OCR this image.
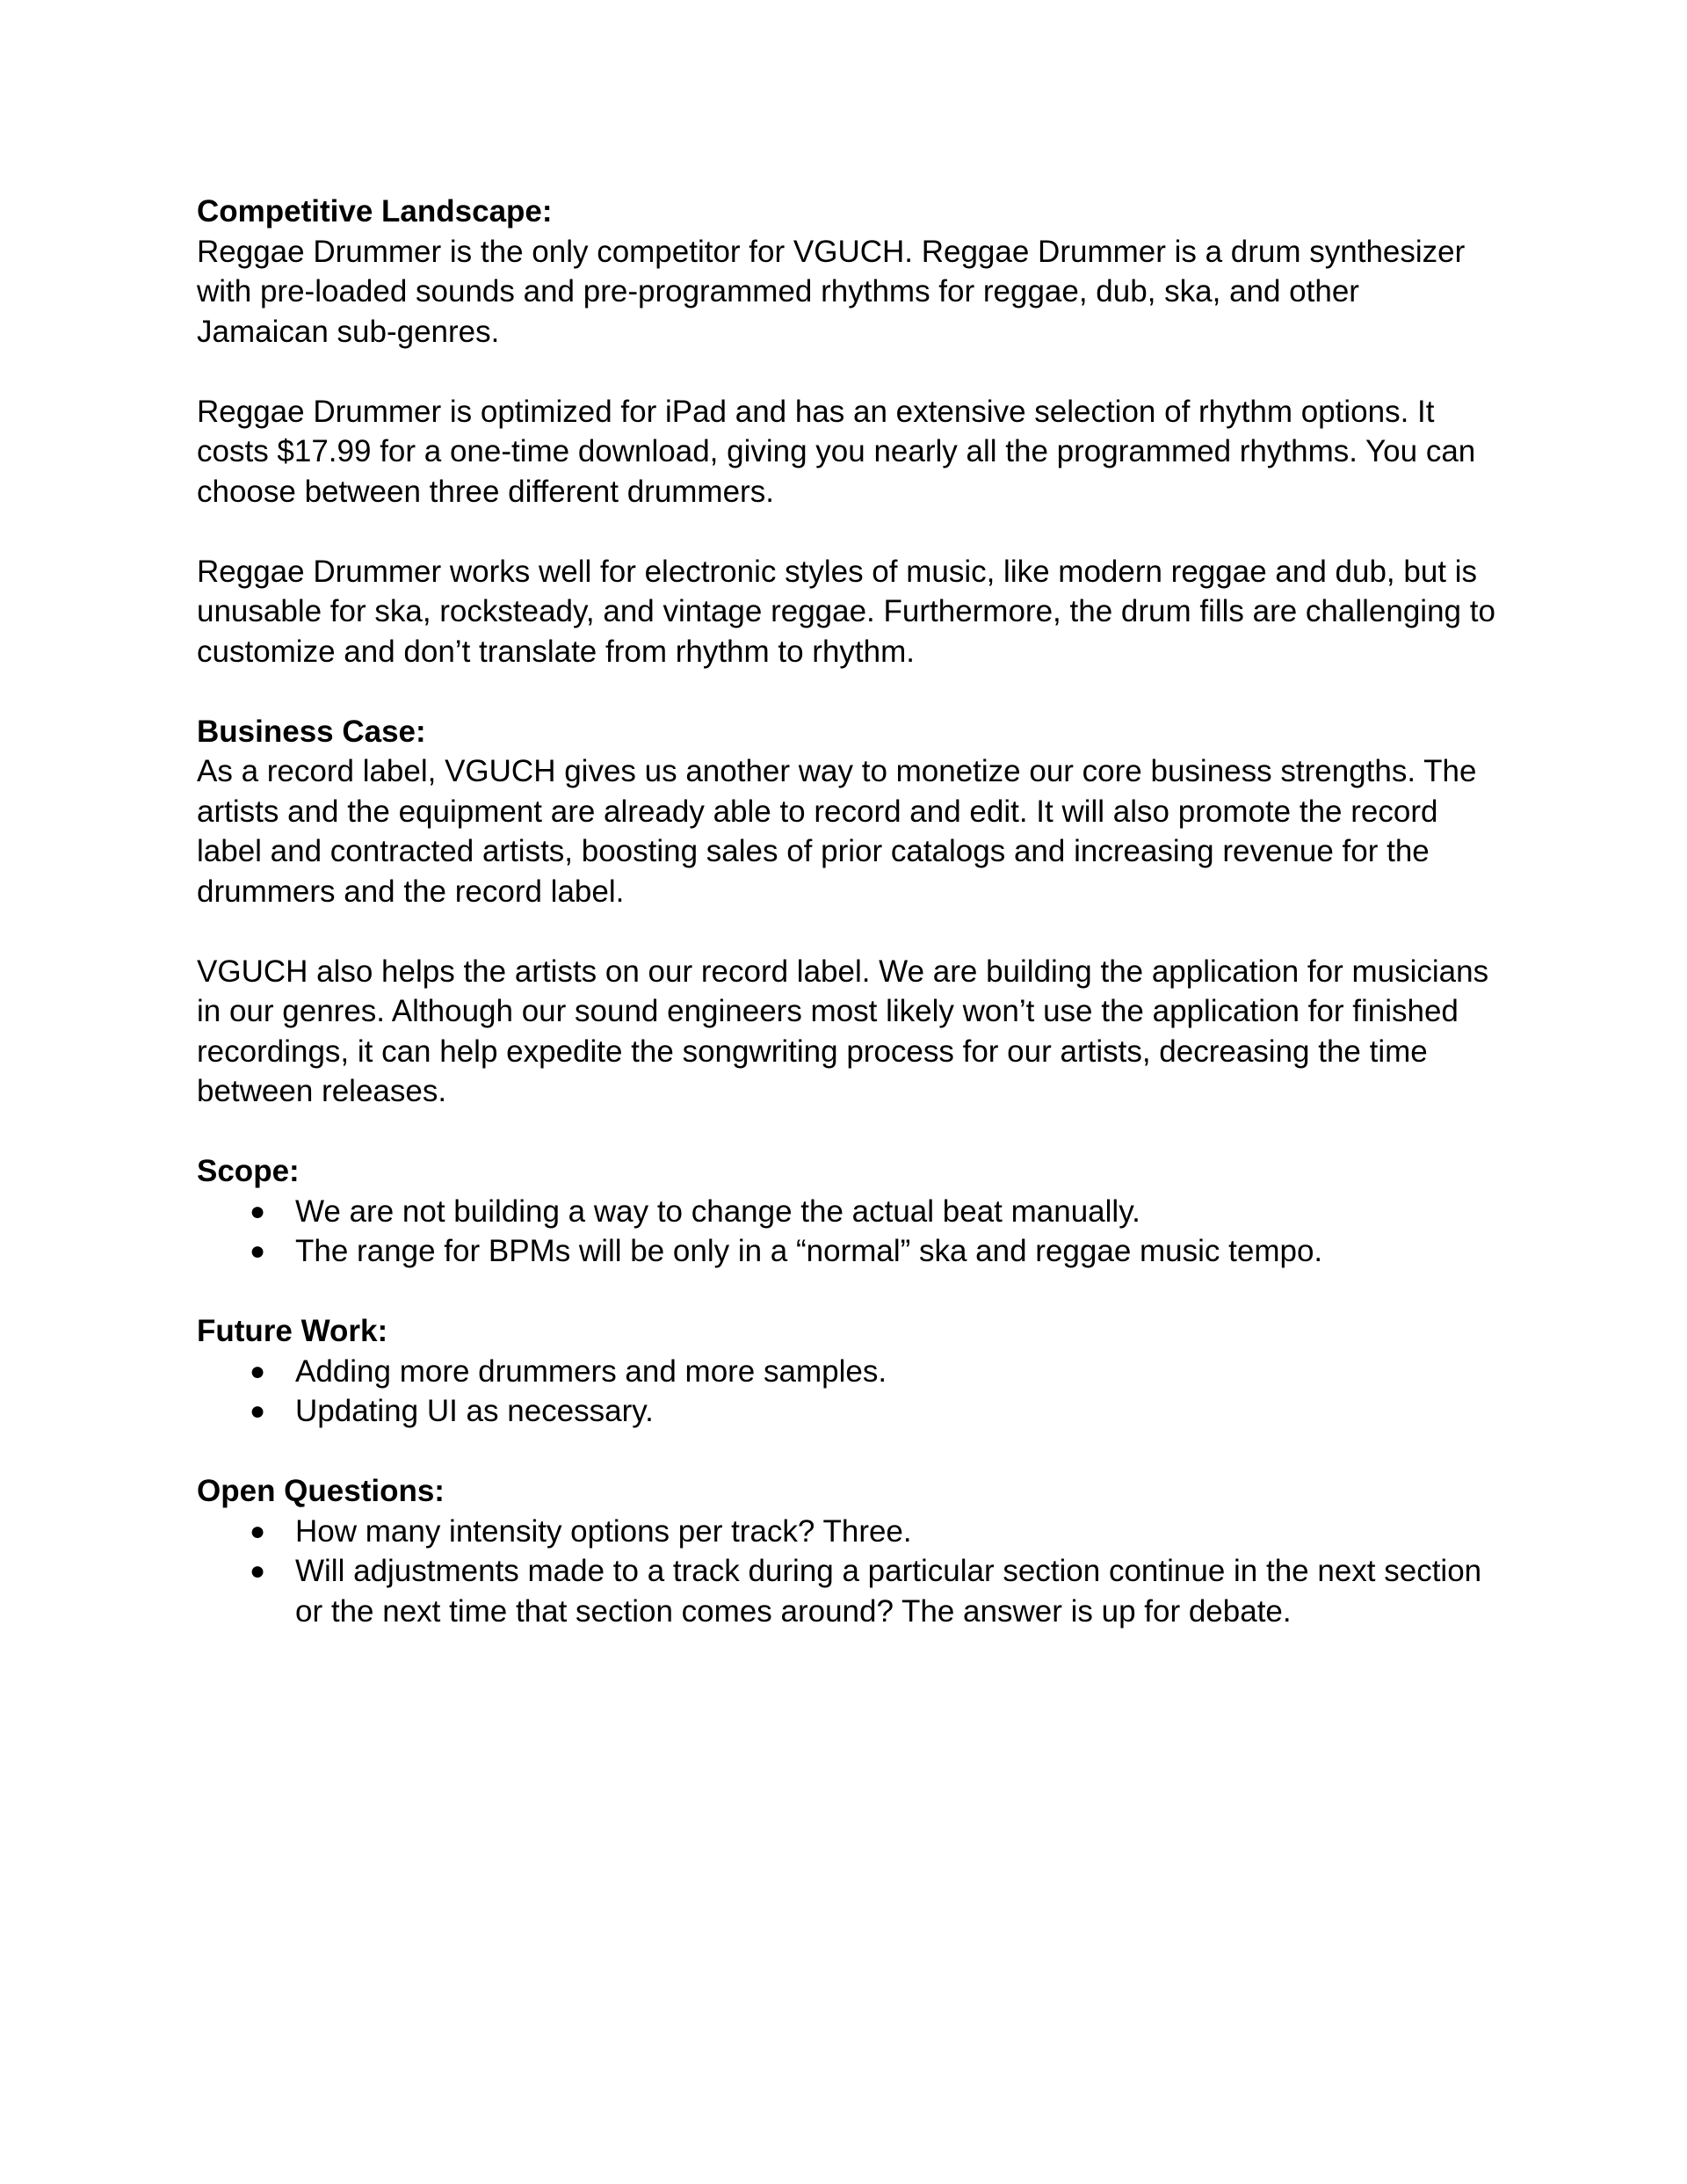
Competitive Landscape:

Reggae Drummer is the only competitor for VGUCH. Reggae Drummer is a drum synthesizer with pre-loaded sounds and pre-programmed rhythms for reggae, dub, ska, and other Jamaican sub-genres.

Reggae Drummer is optimized for iPad and has an extensive selection of rhythm options. It costs $17.99 for a one-time download, giving you nearly all the programmed rhythms. You can choose between three different drummers.

Reggae Drummer works well for electronic styles of music, like modern reggae and dub, but is unusable for ska, rocksteady, and vintage reggae. Furthermore, the drum fills are challenging to customize and don’t translate from rhythm to rhythm.

Business Case:

As a record label, VGUCH gives us another way to monetize our core business strengths. The artists and the equipment are already able to record and edit. It will also promote the record label and contracted artists, boosting sales of prior catalogs and increasing revenue for the drummers and the record label.

VGUCH also helps the artists on our record label. We are building the application for musicians in our genres. Although our sound engineers most likely won’t use the application for finished recordings, it can help expedite the songwriting process for our artists, decreasing the time between releases.

Scope:

● We are not building a way to change the actual beat manually.
● The range for BPMs will be only in a “normal” ska and reggae music tempo.

Future Work:

● Adding more drummers and more samples.
● Updating UI as necessary.

Open Questions:

● How many intensity options per track? Three.
● Will adjustments made to a track during a particular section continue in the next section or the next time that section comes around? The answer is up for debate.
